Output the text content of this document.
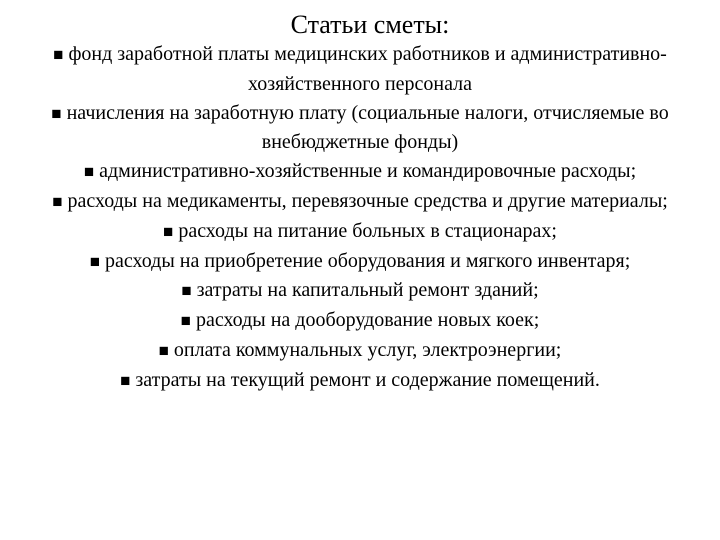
Статьи сметы:
■ фонд заработной платы медицинских работников и административно-хозяйственного персонала
■ начисления на заработную плату (социальные налоги, отчисляемые во внебюджетные фонды)
■ административно-хозяйственные и командировочные расходы;
■ расходы на медикаменты, перевязочные средства и другие материалы;
■ расходы на питание больных в стационарах;
■ расходы на приобретение оборудования и мягкого инвентаря;
■ затраты на капитальный ремонт зданий;
■ расходы на дооборудование новых коек;
■ оплата коммунальных услуг, электроэнергии;
■ затраты на текущий ремонт и содержание помещений.
